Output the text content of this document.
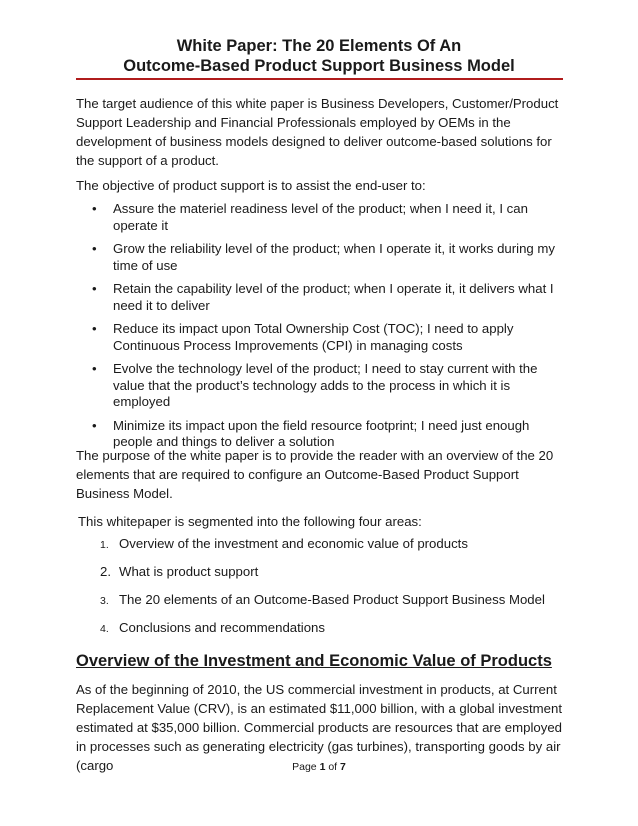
White Paper: The 20 Elements Of An
Outcome-Based Product Support Business Model
The target audience of this white paper is Business Developers, Customer/Product Support Leadership and Financial Professionals employed by OEMs in the development of business models designed to deliver outcome-based solutions for the support of a product.
The objective of product support is to assist the end-user to:
• Assure the materiel readiness level of the product; when I need it, I can operate it
• Grow the reliability level of the product; when I operate it, it works during my time of use
• Retain the capability level of the product; when I operate it, it delivers what I need it to deliver
• Reduce its impact upon Total Ownership Cost (TOC); I need to apply Continuous Process Improvements (CPI) in managing costs
• Evolve the technology level of the product; I need to stay current with the value that the product’s technology adds to the process in which it is employed
• Minimize its impact upon the field resource footprint; I need just enough people and things to deliver a solution
The purpose of the white paper is to provide the reader with an overview of the 20 elements that are required to configure an Outcome-Based Product Support Business Model.
This whitepaper is segmented into the following four areas:
1. Overview of the investment and economic value of products
2. What is product support
3. The 20 elements of an Outcome-Based Product Support Business Model
4. Conclusions and recommendations
Overview of the Investment and Economic Value of Products
As of the beginning of 2010, the US commercial investment in products, at Current Replacement Value (CRV), is an estimated $11,000 billion, with a global investment estimated at $35,000 billion. Commercial products are resources that are employed in processes such as generating electricity (gas turbines), transporting goods by air (cargo	Page 1 of 7
